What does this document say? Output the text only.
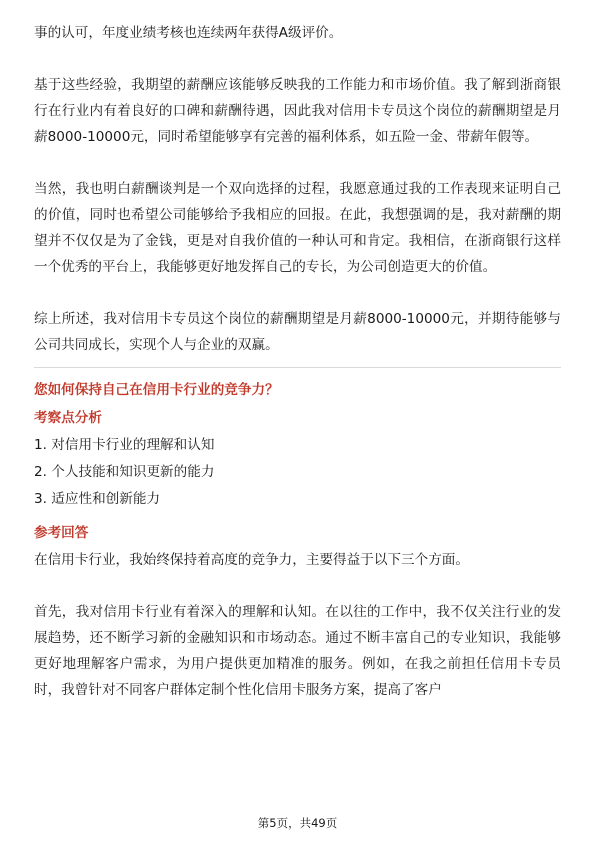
事的认可，年度业绩考核也连续两年获得A级评价。

基于这些经验，我期望的薪酬应该能够反映我的工作能力和市场价值。我了解到浙商银行在行业内有着良好的口碑和薪酬待遇，因此我对信用卡专员这个岗位的薪酬期望是月薪8000-10000元，同时希望能够享有完善的福利体系，如五险一金、带薪年假等。

当然，我也明白薪酬谈判是一个双向选择的过程，我愿意通过我的工作表现来证明自己的价值，同时也希望公司能够给予我相应的回报。在此，我想强调的是，我对薪酬的期望并不仅仅是为了金钱，更是对自我价值的一种认可和肯定。我相信，在浙商银行这样一个优秀的平台上，我能够更好地发挥自己的专长，为公司创造更大的价值。

综上所述，我对信用卡专员这个岗位的薪酬期望是月薪8000-10000元，并期待能够与公司共同成长，实现个人与企业的双赢。

您如何保持自己在信用卡行业的竞争力？
考察点分析

1. 对信用卡行业的理解和认知

2. 个人技能和知识更新的能力

3. 适应性和创新能力

参考回答

在信用卡行业，我始终保持着高度的竞争力，主要得益于以下三个方面。

首先，我对信用卡行业有着深入的理解和认知。在以往的工作中，我不仅关注行业的发展趋势，还不断学习新的金融知识和市场动态。通过不断丰富自己的专业知识，我能够更好地理解客户需求，为用户提供更加精准的服务。例如，在我之前担任信用卡专员时，我曾针对不同客户群体定制个性化信用卡服务方案，提高了客户

第5页，共49页
